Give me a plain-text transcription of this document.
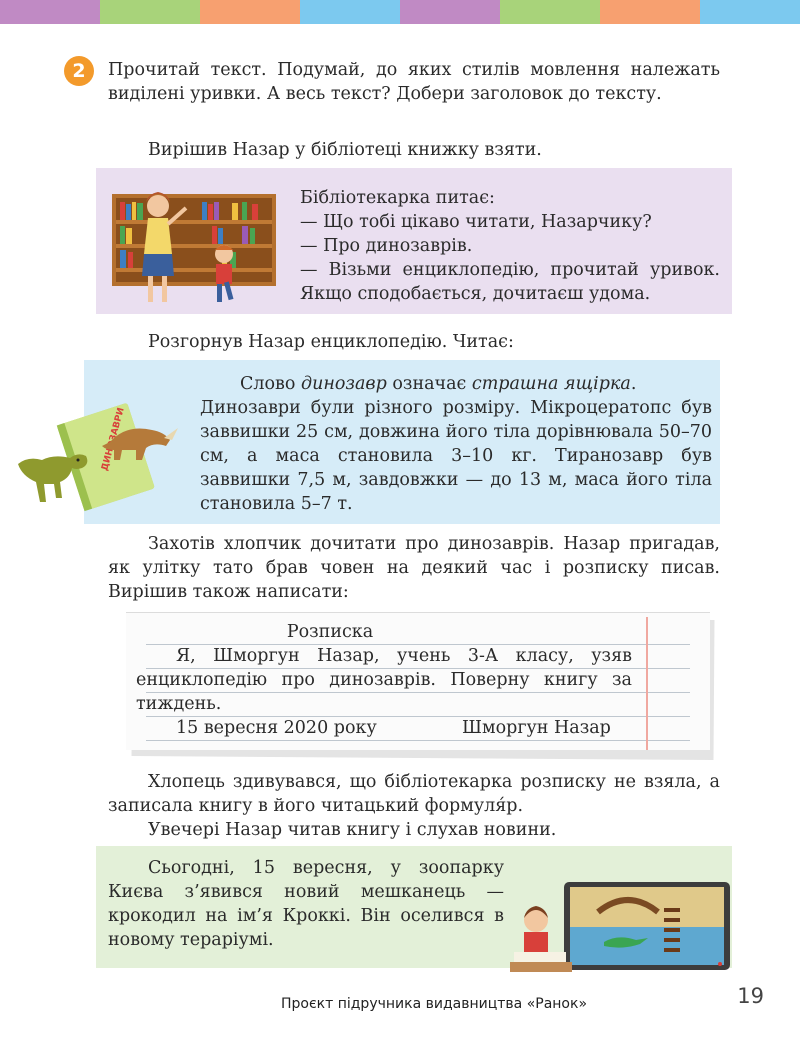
2	Прочитай текст. Подумай, до яких стилів мовлення належать виділені уривки. А весь текст? Добери заголовок до тексту.

Вирішив Назар у бібліотеці книжку взяти.

Бібліотекарка питає:

— Що тобі цікаво читати, Назарчику?

— Про динозаврів.

— Візьми енциклопедію, прочитай уривок. Якщо сподобається, дочитаєш удома.

Розгорнув Назар енциклопедію. Читає:

Слово динозавр означає страшна ящірка.

Динозаври були різного розміру. Мікроцератопс був заввишки 25 см, довжина його тіла дорівнювала 50–70 см, а маса становила 3–10 кг. Тиранозавр був заввишки 7,5 м, завдовжки — до 13 м, маса його тіла становила 5–7 т.

Захотів хлопчик дочитати про динозаврів. Назар пригадав, як улітку тато брав човен на деякий час і розписку писав. Вирішив також написати:

Розписка

Я, Шморгун Назар, учень 3-А класу, узяв енциклопедію про динозаврів. Поверну книгу за тиждень.

15 вересня 2020 року	Шморгун Назар

Хлопець здивувався, що бібліотекарка розписку не взяла, а записала книгу в його читацький формуля́р.

Увечері Назар читав книгу і слухав новини.

Сьогодні, 15 вересня, у зоопарку Києва з’явився новий мешканець — крокодил на ім’я Кроккі. Він оселився в новому тераріумі.

Проєкт підручника видавництва «Ранок»	19
